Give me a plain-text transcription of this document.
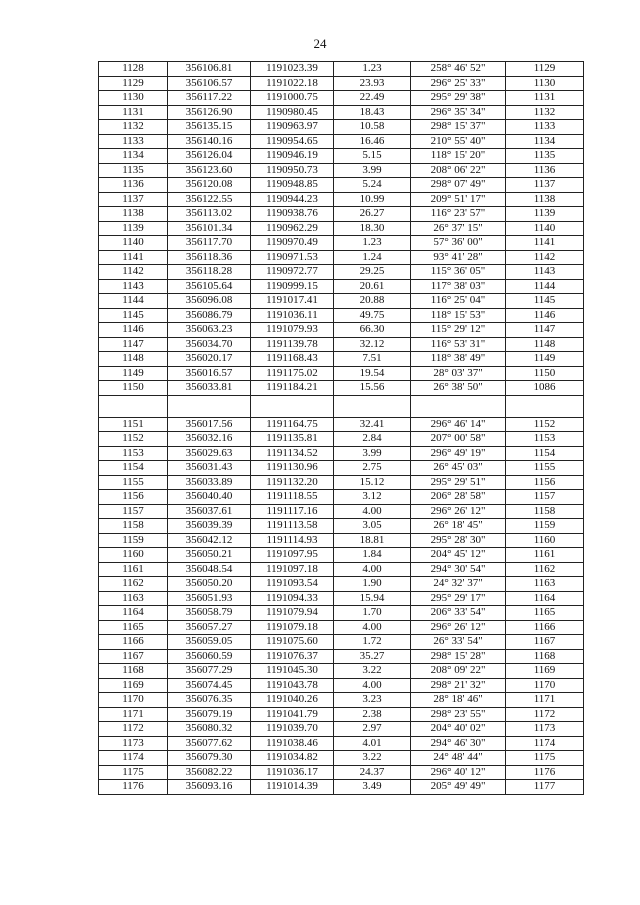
24
1128	356106.81	1191023.39	1.23	258° 46' 52"	1129
1129	356106.57	1191022.18	23.93	296° 25' 33"	1130
1130	356117.22	1191000.75	22.49	295° 29' 38"	1131
1131	356126.90	1190980.45	18.43	296° 35' 34"	1132
1132	356135.15	1190963.97	10.58	298° 15' 37"	1133
1133	356140.16	1190954.65	16.46	210° 55' 40"	1134
1134	356126.04	1190946.19	5.15	118° 15' 20"	1135
1135	356123.60	1190950.73	3.99	208° 06' 22"	1136
1136	356120.08	1190948.85	5.24	298° 07' 49"	1137
1137	356122.55	1190944.23	10.99	209° 51' 17"	1138
1138	356113.02	1190938.76	26.27	116° 23' 57"	1139
1139	356101.34	1190962.29	18.30	26° 37' 15"	1140
1140	356117.70	1190970.49	1.23	57° 36' 00"	1141
1141	356118.36	1190971.53	1.24	93° 41' 28"	1142
1142	356118.28	1190972.77	29.25	115° 36' 05"	1143
1143	356105.64	1190999.15	20.61	117° 38' 03"	1144
1144	356096.08	1191017.41	20.88	116° 25' 04"	1145
1145	356086.79	1191036.11	49.75	118° 15' 53"	1146
1146	356063.23	1191079.93	66.30	115° 29' 12"	1147
1147	356034.70	1191139.78	32.12	116° 53' 31"	1148
1148	356020.17	1191168.43	7.51	118° 38' 49"	1149
1149	356016.57	1191175.02	19.54	28° 03' 37"	1150
1150	356033.81	1191184.21	15.56	26° 38' 50"	1086

1151	356017.56	1191164.75	32.41	296° 46' 14"	1152
1152	356032.16	1191135.81	2.84	207° 00' 58"	1153
1153	356029.63	1191134.52	3.99	296° 49' 19"	1154
1154	356031.43	1191130.96	2.75	26° 45' 03"	1155
1155	356033.89	1191132.20	15.12	295° 29' 51"	1156
1156	356040.40	1191118.55	3.12	206° 28' 58"	1157
1157	356037.61	1191117.16	4.00	296° 26' 12"	1158
1158	356039.39	1191113.58	3.05	26° 18' 45"	1159
1159	356042.12	1191114.93	18.81	295° 28' 30"	1160
1160	356050.21	1191097.95	1.84	204° 45' 12"	1161
1161	356048.54	1191097.18	4.00	294° 30' 54"	1162
1162	356050.20	1191093.54	1.90	24° 32' 37"	1163
1163	356051.93	1191094.33	15.94	295° 29' 17"	1164
1164	356058.79	1191079.94	1.70	206° 33' 54"	1165
1165	356057.27	1191079.18	4.00	296° 26' 12"	1166
1166	356059.05	1191075.60	1.72	26° 33' 54"	1167
1167	356060.59	1191076.37	35.27	298° 15' 28"	1168
1168	356077.29	1191045.30	3.22	208° 09' 22"	1169
1169	356074.45	1191043.78	4.00	298° 21' 32"	1170
1170	356076.35	1191040.26	3.23	28° 18' 46"	1171
1171	356079.19	1191041.79	2.38	298° 23' 55"	1172
1172	356080.32	1191039.70	2.97	204° 40' 02"	1173
1173	356077.62	1191038.46	4.01	294° 46' 30"	1174
1174	356079.30	1191034.82	3.22	24° 48' 44"	1175
1175	356082.22	1191036.17	24.37	296° 40' 12"	1176
1176	356093.16	1191014.39	3.49	205° 49' 49"	1177
